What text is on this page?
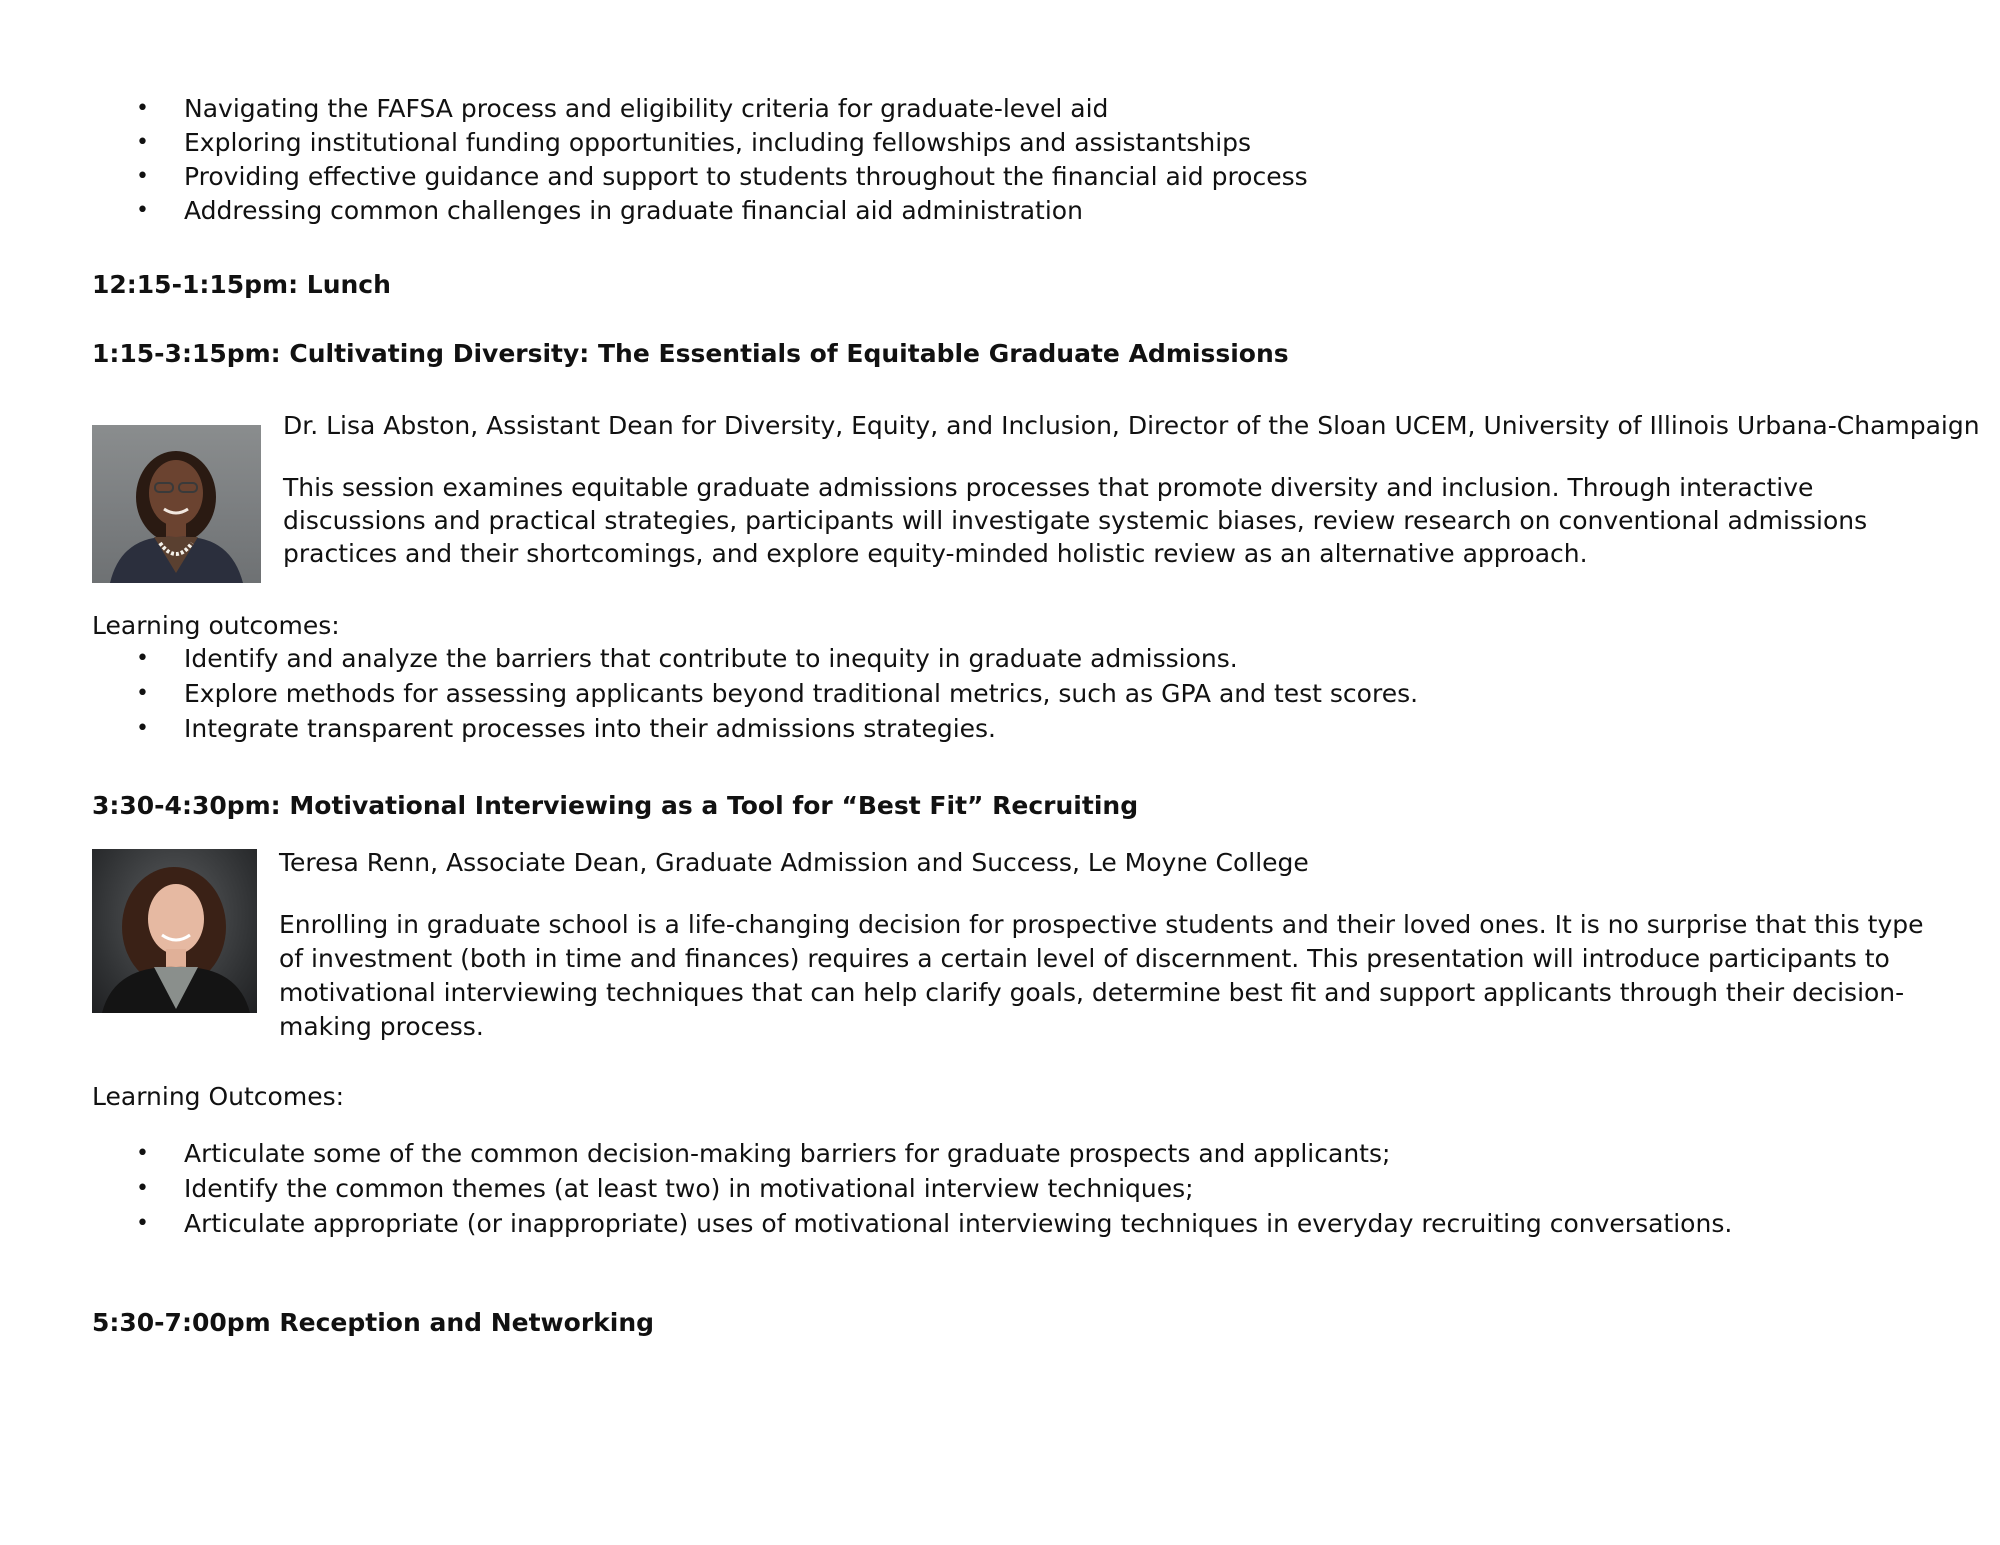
• Navigating the FAFSA process and eligibility criteria for graduate-level aid
• Exploring institutional funding opportunities, including fellowships and assistantships
• Providing effective guidance and support to students throughout the financial aid process
• Addressing common challenges in graduate financial aid administration
12:15-1:15pm: Lunch
1:15-3:15pm: Cultivating Diversity: The Essentials of Equitable Graduate Admissions
Dr. Lisa Abston, Assistant Dean for Diversity, Equity, and Inclusion, Director of the Sloan UCEM, University of Illinois Urbana-Champaign
This session examines equitable graduate admissions processes that promote diversity and inclusion. Through interactive discussions and practical strategies, participants will investigate systemic biases, review research on conventional admissions practices and their shortcomings, and explore equity-minded holistic review as an alternative approach.
Learning outcomes:
• Identify and analyze the barriers that contribute to inequity in graduate admissions.
• Explore methods for assessing applicants beyond traditional metrics, such as GPA and test scores.
• Integrate transparent processes into their admissions strategies.
3:30-4:30pm: Motivational Interviewing as a Tool for “Best Fit” Recruiting
Teresa Renn, Associate Dean, Graduate Admission and Success, Le Moyne College
Enrolling in graduate school is a life-changing decision for prospective students and their loved ones. It is no surprise that this type of investment (both in time and finances) requires a certain level of discernment. This presentation will introduce participants to motivational interviewing techniques that can help clarify goals, determine best fit and support applicants through their decision-making process.
Learning Outcomes:
• Articulate some of the common decision-making barriers for graduate prospects and applicants;
• Identify the common themes (at least two) in motivational interview techniques;
• Articulate appropriate (or inappropriate) uses of motivational interviewing techniques in everyday recruiting conversations.
5:30-7:00pm Reception and Networking
